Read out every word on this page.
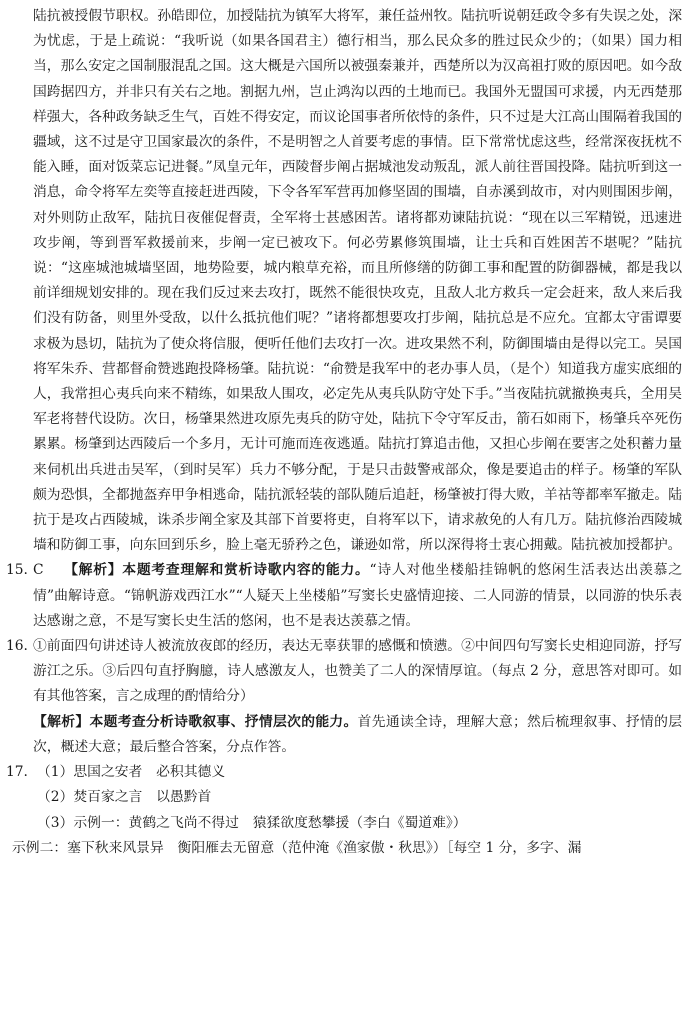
陆抗被授假节职权。孙皓即位，加授陆抗为镇军大将军，兼任益州牧。陆抗听说朝廷政令多有失误之处，深为忧虑，于是上疏说：“我听说（如果各国君主）德行相当，那么民众多的胜过民众少的；（如果）国力相当，那么安定之国制服混乱之国。这大概是六国所以被强秦兼并，西楚所以为汉高祖打败的原因吧。如今敌国跨据四方，并非只有关右之地。割据九州，岂止鸿沟以西的土地而已。我国外无盟国可求援，内无西楚那样强大，各种政务缺乏生气，百姓不得安定，而议论国事者所依恃的条件，只不过是大江高山围隔着我国的疆域，这不过是守卫国家最次的条件，不是明智之人首要考虑的事情。臣下常常忧虑这些，经常深夜抚枕不能入睡，面对饭菜忘记进餐。”凤皇元年，西陵督步阐占据城池发动叛乱，派人前往晋国投降。陆抗听到这一消息，命令将军左奕等直接赶进西陵，下令各军军营再加修坚固的围墙，自赤溪到故市，对内则围困步阐，对外则防止敌军，陆抗日夜催促督责，全军将士甚感困苦。诸将都劝谏陆抗说：“现在以三军精锐，迅速进攻步阐，等到晋军救援前来，步阐一定已被攻下。何必劳累修筑围墙，让士兵和百姓困苦不堪呢？”陆抗说：“这座城池城墙坚固，地势险要，城内粮草充裕，而且所修缮的防御工事和配置的防御器械，都是我以前详细规划安排的。现在我们反过来去攻打，既然不能很快攻克，且敌人北方救兵一定会赶来，敌人来后我们没有防备，则里外受敌，以什么抵抗他们呢？”诸将都想要攻打步阐，陆抗总是不应允。宜都太守雷谭要求极为恳切，陆抗为了使众将信服，便听任他们去攻打一次。进攻果然不利，防御围墙由是得以完工。吴国将军朱乔、营都督俞赞逃跑投降杨肇。陆抗说：“俞赞是我军中的老办事人员，（是个）知道我方虚实底细的人，我常担心夷兵向来不精练，如果敌人围攻，必定先从夷兵队防守处下手。”当夜陆抗就撤换夷兵，全用吴军老将替代设防。次日，杨肇果然进攻原先夷兵的防守处，陆抗下令守军反击，箭石如雨下，杨肇兵卒死伤累累。杨肇到达西陵后一个多月，无计可施而连夜逃遁。陆抗打算追击他，又担心步阐在要害之处积蓄力量来伺机出兵进击吴军，（到时吴军）兵力不够分配，于是只击鼓警戒部众，像是要追击的样子。杨肇的军队颇为恐惧，全都抛盔弃甲争相逃命，陆抗派轻装的部队随后追赶，杨肇被打得大败，羊祜等都率军撤走。陆抗于是攻占西陵城，诛杀步阐全家及其部下首要将吏，自将军以下，请求赦免的人有几万。陆抗修治西陵城墙和防御工事，向东回到乐乡，脸上毫无骄矜之色，谦逊如常，所以深得将士衷心拥戴。陆抗被加授都护。

15. C 【解析】本题考查理解和赏析诗歌内容的能力。“诗人对他坐楼船挂锦帆的悠闲生活表达出羡慕之情”曲解诗意。“锦帆游戏西江水”“人疑天上坐楼船”写窦长史盛情迎接、二人同游的情景，以同游的快乐表达感谢之意，不是写窦长史生活的悠闲，也不是表达羡慕之情。
16. ①前面四句讲述诗人被流放夜郎的经历，表达无辜获罪的感慨和愤懑。②中间四句写窦长史相迎同游，抒写游江之乐。③后四句直抒胸臆，诗人感激友人，也赞美了二人的深情厚谊。（每点 2 分，意思答对即可。如有其他答案，言之成理的酌情给分）
【解析】本题考查分析诗歌叙事、抒情层次的能力。首先通读全诗，理解大意；然后梳理叙事、抒情的层次，概述大意；最后整合答案，分点作答。
17. （1）思国之安者　必积其德义
（2）焚百家之言　以愚黔首
（3）示例一：黄鹤之飞尚不得过　猿猱欲度愁攀援（李白《蜀道难》）
示例二：塞下秋来风景异　衡阳雁去无留意（范仲淹《渔家傲・秋思》）［每空 1 分，多字、漏
